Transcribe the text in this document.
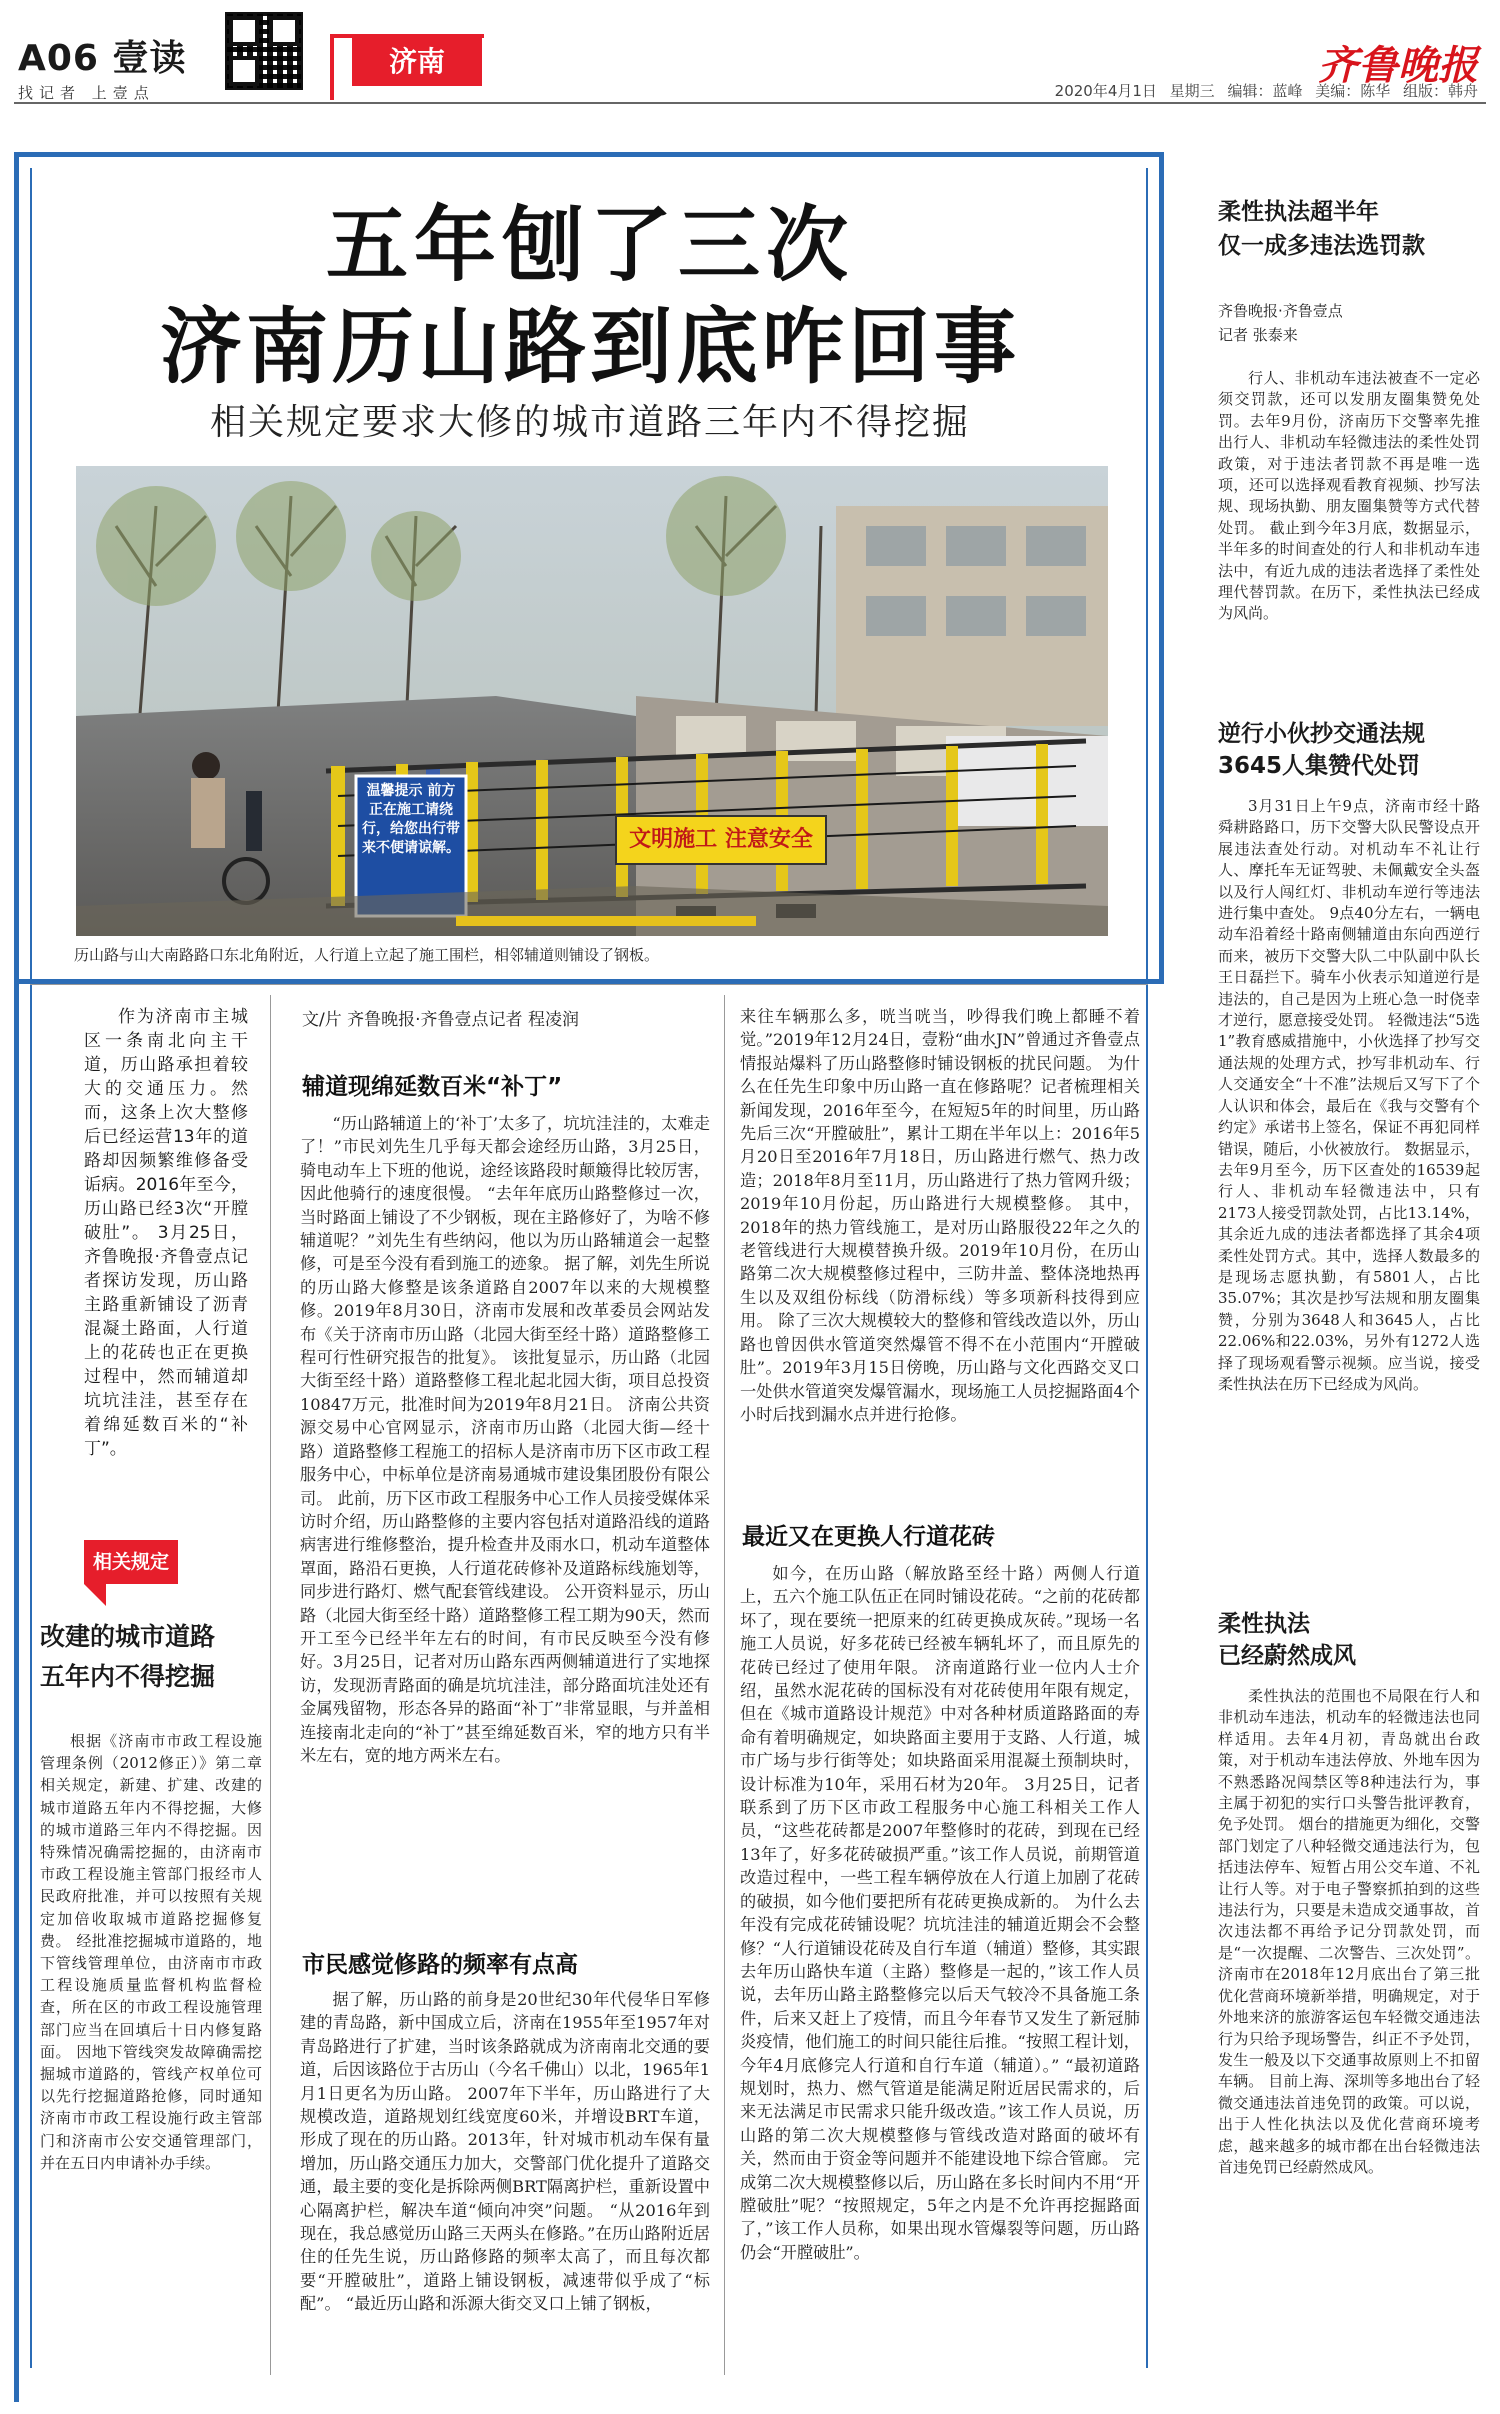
A06 壹读
找记者 上壹点
济南	齐鲁晚报
2020年4月1日 星期三 编辑：蓝峰 美编：陈华 组版：韩舟
五年刨了三次
济南历山路到底咋回事
相关规定要求大修的城市道路三年内不得挖掘
温馨提示 前方正在施工请绕行，给您出行带来不便请谅解。	文明施工 注意安全
历山路与山大南路路口东北角附近，人行道上立起了施工围栏，相邻辅道则铺设了钢板。

作为济南市主城区一条南北向主干道，历山路承担着较大的交通压力。然而，这条上次大整修后已经运营13年的道路却因频繁维修备受诟病。2016年至今，历山路已经3次“开膛破肚”。 3月25日，齐鲁晚报·齐鲁壹点记者探访发现，历山路主路重新铺设了沥青混凝土路面，人行道上的花砖也正在更换过程中，然而辅道却坑坑洼洼，甚至存在着绵延数百米的“补丁”。

相关规定
改建的城市道路
五年内不得挖掘

根据《济南市市政工程设施管理条例（2012修正）》第二章相关规定，新建、扩建、改建的城市道路五年内不得挖掘，大修的城市道路三年内不得挖掘。因特殊情况确需挖掘的，由济南市市政工程设施主管部门报经市人民政府批准，并可以按照有关规定加倍收取城市道路挖掘修复费。 经批准挖掘城市道路的，地下管线管理单位，由济南市市政工程设施质量监督机构监督检查，所在区的市政工程设施管理部门应当在回填后十日内修复路面。 因地下管线突发故障确需挖掘城市道路的，管线产权单位可以先行挖掘道路抢修，同时通知济南市市政工程设施行政主管部门和济南市公安交通管理部门，并在五日内申请补办手续。

文/片 齐鲁晚报·齐鲁壹点记者 程凌润
辅道现绵延数百米“补丁”

“历山路辅道上的‘补丁’太多了，坑坑洼洼的，太难走了！”市民刘先生几乎每天都会途经历山路，3月25日，骑电动车上下班的他说，途经该路段时颠簸得比较厉害，因此他骑行的速度很慢。 “去年年底历山路整修过一次，当时路面上铺设了不少钢板，现在主路修好了，为啥不修辅道呢？”刘先生有些纳闷，他以为历山路辅道会一起整修，可是至今没有看到施工的迹象。 据了解，刘先生所说的历山路大修整是该条道路自2007年以来的大规模整修。2019年8月30日，济南市发展和改革委员会网站发布《关于济南市历山路（北园大街至经十路）道路整修工程可行性研究报告的批复》。 该批复显示，历山路（北园大街至经十路）道路整修工程北起北园大街，项目总投资10847万元，批准时间为2019年8月21日。 济南公共资源交易中心官网显示，济南市历山路（北园大街—经十路）道路整修工程施工的招标人是济南市历下区市政工程服务中心，中标单位是济南易通城市建设集团股份有限公司。 此前，历下区市政工程服务中心工作人员接受媒体采访时介绍，历山路整修的主要内容包括对道路沿线的道路病害进行维修整治，提升检查井及雨水口，机动车道整体罩面，路沿石更换，人行道花砖修补及道路标线施划等，同步进行路灯、燃气配套管线建设。 公开资料显示，历山路（北园大街至经十路）道路整修工程工期为90天，然而开工至今已经半年左右的时间，有市民反映至今没有修好。3月25日，记者对历山路东西两侧辅道进行了实地探访，发现沥青路面的确是坑坑洼洼，部分路面坑洼处还有金属残留物，形态各异的路面“补丁”非常显眼，与并盖相连接南北走向的“补丁”甚至绵延数百米，窄的地方只有半米左右，宽的地方两米左右。

市民感觉修路的频率有点高

据了解，历山路的前身是20世纪30年代侵华日军修建的青岛路，新中国成立后，济南在1955年至1957年对青岛路进行了扩建，当时该条路就成为济南南北交通的要道，后因该路位于古历山（今名千佛山）以北，1965年1月1日更名为历山路。 2007年下半年，历山路进行了大规模改造，道路规划红线宽度60米，并增设BRT车道，形成了现在的历山路。2013年，针对城市机动车保有量增加，历山路交通压力加大，交警部门优化提升了道路交通，最主要的变化是拆除两侧BRT隔离护栏，重新设置中心隔离护栏，解决车道“倾向冲突”问题。 “从2016年到现在，我总感觉历山路三天两头在修路。”在历山路附近居住的任先生说，历山路修路的频率太高了，而且每次都要“开膛破肚”，道路上铺设钢板，减速带似乎成了“标配”。 “最近历山路和泺源大街交叉口上铺了钢板，

来往车辆那么多，咣当咣当，吵得我们晚上都睡不着觉。”2019年12月24日，壹粉“曲水JN”曾通过齐鲁壹点情报站爆料了历山路整修时铺设钢板的扰民问题。 为什么在任先生印象中历山路一直在修路呢？记者梳理相关新闻发现，2016年至今，在短短5年的时间里，历山路先后三次“开膛破肚”，累计工期在半年以上：2016年5月20日至2016年7月18日，历山路进行燃气、热力改造；2018年8月至11月，历山路进行了热力管网升级；2019年10月份起，历山路进行大规模整修。 其中，2018年的热力管线施工，是对历山路服役22年之久的老管线进行大规模替换升级。2019年10月份，在历山路第二次大规模整修过程中，三防井盖、整体浇地热再生以及双组份标线（防滑标线）等多项新科技得到应用。 除了三次大规模较大的整修和管线改造以外，历山路也曾因供水管道突然爆管不得不在小范围内“开膛破肚”。2019年3月15日傍晚，历山路与文化西路交叉口一处供水管道突发爆管漏水，现场施工人员挖掘路面4个小时后找到漏水点并进行抢修。

最近又在更换人行道花砖

如今，在历山路（解放路至经十路）两侧人行道上，五六个施工队伍正在同时铺设花砖。“之前的花砖都坏了，现在要统一把原来的红砖更换成灰砖。”现场一名施工人员说，好多花砖已经被车辆轧坏了，而且原先的花砖已经过了使用年限。 济南道路行业一位内人士介绍，虽然水泥花砖的国标没有对花砖使用年限有规定，但在《城市道路设计规范》中对各种材质道路路面的寿命有着明确规定，如块路面主要用于支路、人行道，城市广场与步行街等处；如块路面采用混凝土预制块时，设计标准为10年，采用石材为20年。 3月25日，记者联系到了历下区市政工程服务中心施工科相关工作人员，“这些花砖都是2007年整修时的花砖，到现在已经13年了，好多花砖破损严重。”该工作人员说，前期管道改造过程中，一些工程车辆停放在人行道上加剧了花砖的破损，如今他们要把所有花砖更换成新的。 为什么去年没有完成花砖铺设呢？坑坑洼洼的辅道近期会不会整修？“人行道铺设花砖及自行车道（辅道）整修，其实跟去年历山路快车道（主路）整修是一起的，”该工作人员说，去年历山路主路整修完以后天气较冷不具备施工条件，后来又赶上了疫情，而且今年春节又发生了新冠肺炎疫情，他们施工的时间只能往后推。“按照工程计划，今年4月底修完人行道和自行车道（辅道）。” “最初道路规划时，热力、燃气管道是能满足附近居民需求的，后来无法满足市民需求只能升级改造。”该工作人员说，历山路的第二次大规模整修与管线改造对路面的破坏有关，然而由于资金等问题并不能建设地下综合管廊。 完成第二次大规模整修以后，历山路在多长时间内不用“开膛破肚”呢？“按照规定，5年之内是不允许再挖掘路面了，”该工作人员称，如果出现水管爆裂等问题，历山路仍会“开膛破肚”。

柔性执法超半年
仅一成多违法选罚款
齐鲁晚报·齐鲁壹点
记者 张泰来

行人、非机动车违法被查不一定必须交罚款，还可以发朋友圈集赞免处罚。去年9月份，济南历下交警率先推出行人、非机动车轻微违法的柔性处罚政策，对于违法者罚款不再是唯一选项，还可以选择观看教育视频、抄写法规、现场执勤、朋友圈集赞等方式代替处罚。 截止到今年3月底，数据显示，半年多的时间查处的行人和非机动车违法中，有近九成的违法者选择了柔性处理代替罚款。在历下，柔性执法已经成为风尚。

逆行小伙抄交通法规
3645人集赞代处罚

3月31日上午9点，济南市经十路舜耕路路口，历下交警大队民警设点开展违法查处行动。对机动车不礼让行人、摩托车无证驾驶、未佩戴安全头盔以及行人闯红灯、非机动车逆行等违法进行集中查处。 9点40分左右，一辆电动车沿着经十路南侧辅道由东向西逆行而来，被历下交警大队二中队副中队长王日磊拦下。骑车小伙表示知道逆行是违法的，自己是因为上班心急一时侥幸才逆行，愿意接受处罚。 轻微违法“5选1”教育感威措施中，小伙选择了抄写交通法规的处理方式，抄写非机动车、行人交通安全“十不准”法规后又写下了个人认识和体会，最后在《我与交警有个约定》承诺书上签名，保证不再犯同样错误，随后，小伙被放行。 数据显示，去年9月至今，历下区查处的16539起行人、非机动车轻微违法中，只有2173人接受罚款处罚，占比13.14%，其余近九成的违法者都选择了其余4项柔性处罚方式。其中，选择人数最多的是现场志愿执勤，有5801人，占比35.07%；其次是抄写法规和朋友圈集赞，分别为3648人和3645人，占比22.06%和22.03%，另外有1272人选择了现场观看警示视频。应当说，接受柔性执法在历下已经成为风尚。

柔性执法
已经蔚然成风

柔性执法的范围也不局限在行人和非机动车违法，机动车的轻微违法也同样适用。去年4月初，青岛就出台政策，对于机动车违法停放、外地车因为不熟悉路况闯禁区等8种违法行为，事主属于初犯的实行口头警告批评教育，免予处罚。 烟台的措施更为细化，交警部门划定了八种轻微交通违法行为，包括违法停车、短暂占用公交车道、不礼让行人等。对于电子警察抓拍到的这些违法行为，只要是未造成交通事故，首次违法都不再给予记分罚款处罚，而是“一次提醒、二次警告、三次处罚”。 济南市在2018年12月底出台了第三批优化营商环境新举措，明确规定，对于外地来济的旅游客运包车轻微交通违法行为只给予现场警告，纠正不予处罚，发生一般及以下交通事故原则上不扣留车辆。 目前上海、深圳等多地出台了轻微交通违法首违免罚的政策。可以说，出于人性化执法以及优化营商环境考虑，越来越多的城市都在出台轻微违法首违免罚已经蔚然成风。
